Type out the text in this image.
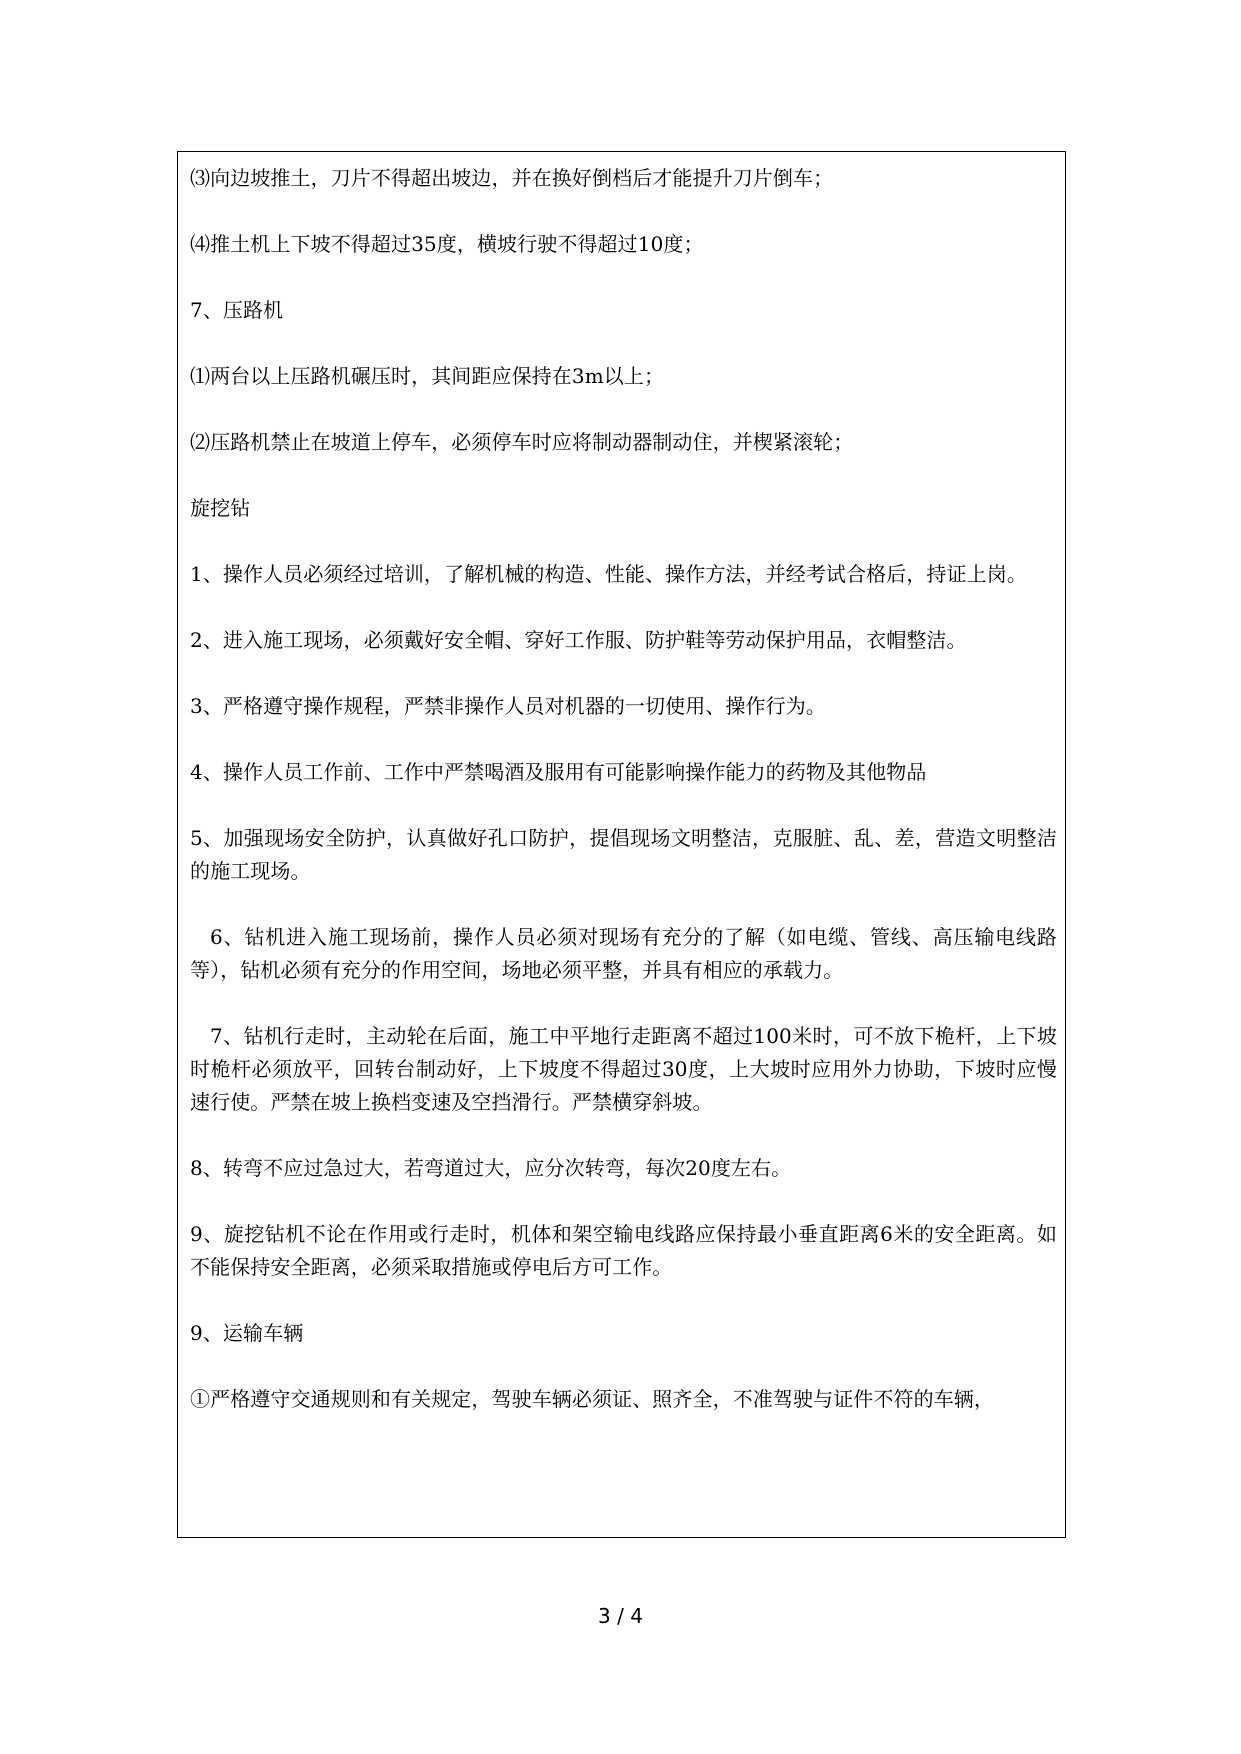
⑶向边坡推土，刀片不得超出坡边，并在换好倒档后才能提升刀片倒车；

⑷推土机上下坡不得超过35度，横坡行驶不得超过10度；

7、压路机

⑴两台以上压路机碾压时，其间距应保持在3m以上；

⑵压路机禁止在坡道上停车，必须停车时应将制动器制动住，并楔紧滚轮；

旋挖钻

1、操作人员必须经过培训，了解机械的构造、性能、操作方法，并经考试合格后，持证上岗。

2、进入施工现场，必须戴好安全帽、穿好工作服、防护鞋等劳动保护用品，衣帽整洁。

3、严格遵守操作规程，严禁非操作人员对机器的一切使用、操作行为。

4、操作人员工作前、工作中严禁喝酒及服用有可能影响操作能力的药物及其他物品

5、加强现场安全防护，认真做好孔口防护，提倡现场文明整洁，克服脏、乱、差，营造文明整洁的施工现场。

6、钻机进入施工现场前，操作人员必须对现场有充分的了解（如电缆、管线、高压输电线路等），钻机必须有充分的作用空间，场地必须平整，并具有相应的承载力。

7、钻机行走时，主动轮在后面，施工中平地行走距离不超过100米时，可不放下桅杆，上下坡时桅杆必须放平，回转台制动好，上下坡度不得超过30度，上大坡时应用外力协助，下坡时应慢速行使。严禁在坡上换档变速及空挡滑行。严禁横穿斜坡。

8、转弯不应过急过大，若弯道过大，应分次转弯，每次20度左右。

9、旋挖钻机不论在作用或行走时，机体和架空输电线路应保持最小垂直距离6米的安全距离。如不能保持安全距离，必须采取措施或停电后方可工作。

9、运输车辆

①严格遵守交通规则和有关规定，驾驶车辆必须证、照齐全，不准驾驶与证件不符的车辆，

3 / 4
